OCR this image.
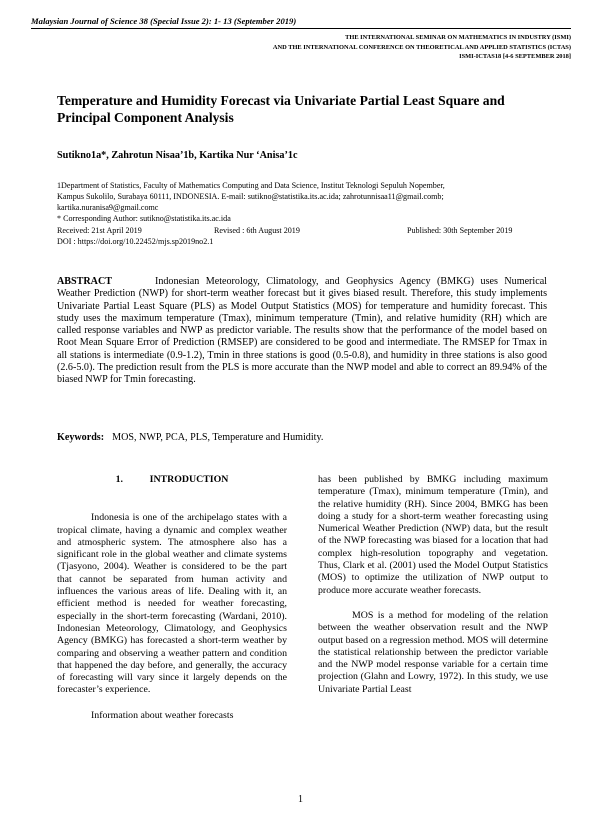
Malaysian Journal of Science 38 (Special Issue 2): 1- 13 (September 2019)
THE INTERNATIONAL SEMINAR ON MATHEMATICS IN INDUSTRY (ISMI)
AND THE INTERNATIONAL CONFERENCE ON THEORETICAL AND APPLIED STATISTICS (ICTAS)
ISMI-ICTAS18 [4-6 SEPTEMBER 2018]
Temperature and Humidity Forecast via Univariate Partial Least Square and Principal Component Analysis
Sutikno1a*, Zahrotun Nisaa’1b, Kartika Nur ‘Anisa’1c
1Department of Statistics, Faculty of Mathematics Computing and Data Science, Institut Teknologi Sepuluh Nopember,
Kampus Sukolilo, Surabaya 60111, INDONESIA. E-mail: sutikno@statistika.its.ac.ida; zahrotunnisaa11@gmail.comb;
kartika.nuranisa9@gmail.comc
* Corresponding Author: sutikno@statistika.its.ac.ida
Received: 21st April 2019	Revised : 6th August 2019	Published: 30th September 2019
DOI : https://doi.org/10.22452/mjs.sp2019no2.1
ABSTRACT	Indonesian Meteorology, Climatology, and Geophysics Agency (BMKG) uses Numerical Weather Prediction (NWP) for short-term weather forecast but it gives biased result. Therefore, this study implements Univariate Partial Least Square (PLS) as Model Output Statistics (MOS) for temperature and humidity forecast. This study uses the maximum temperature (Tmax), minimum temperature (Tmin), and relative humidity (RH) which are called response variables and NWP as predictor variable. The results show that the performance of the model based on Root Mean Square Error of Prediction (RMSEP) are considered to be good and intermediate. The RMSEP for Tmax in all stations is intermediate (0.9-1.2), Tmin in three stations is good (0.5-0.8), and humidity in three stations is also good (2.6-5.0). The prediction result from the PLS is more accurate than the NWP model and able to correct an 89.94% of the biased NWP for Tmin forecasting.
Keywords: MOS, NWP, PCA, PLS, Temperature and Humidity.
1.	INTRODUCTION

Indonesia is one of the archipelago states with a tropical climate, having a dynamic and complex weather and atmospheric system. The atmosphere also has a significant role in the global weather and climate systems (Tjasyono, 2004). Weather is considered to be the part that cannot be separated from human activity and influences the various areas of life. Dealing with it, an efficient method is needed for weather forecasting, especially in the short-term forecasting (Wardani, 2010). Indonesian Meteorology, Climatology, and Geophysics Agency (BMKG) has forecasted a short-term weather by comparing and observing a weather pattern and condition that happened the day before, and generally, the accuracy of forecasting will vary since it largely depends on the forecaster’s experience.

Information about weather forecasts

has been published by BMKG including maximum temperature (Tmax), minimum temperature (Tmin), and the relative humidity (RH). Since 2004, BMKG has been doing a study for a short-term weather forecasting using Numerical Weather Prediction (NWP) data, but the result of the NWP forecasting was biased for a location that had complex high-resolution topography and vegetation. Thus, Clark et al. (2001) used the Model Output Statistics (MOS) to optimize the utilization of NWP output to produce more accurate weather forecasts.

MOS is a method for modeling of the relation between the weather observation result and the NWP output based on a regression method. MOS will determine the statistical relationship between the predictor variable and the NWP model response variable for a certain time projection (Glahn and Lowry, 1972). In this study, we use Univariate Partial Least

1
